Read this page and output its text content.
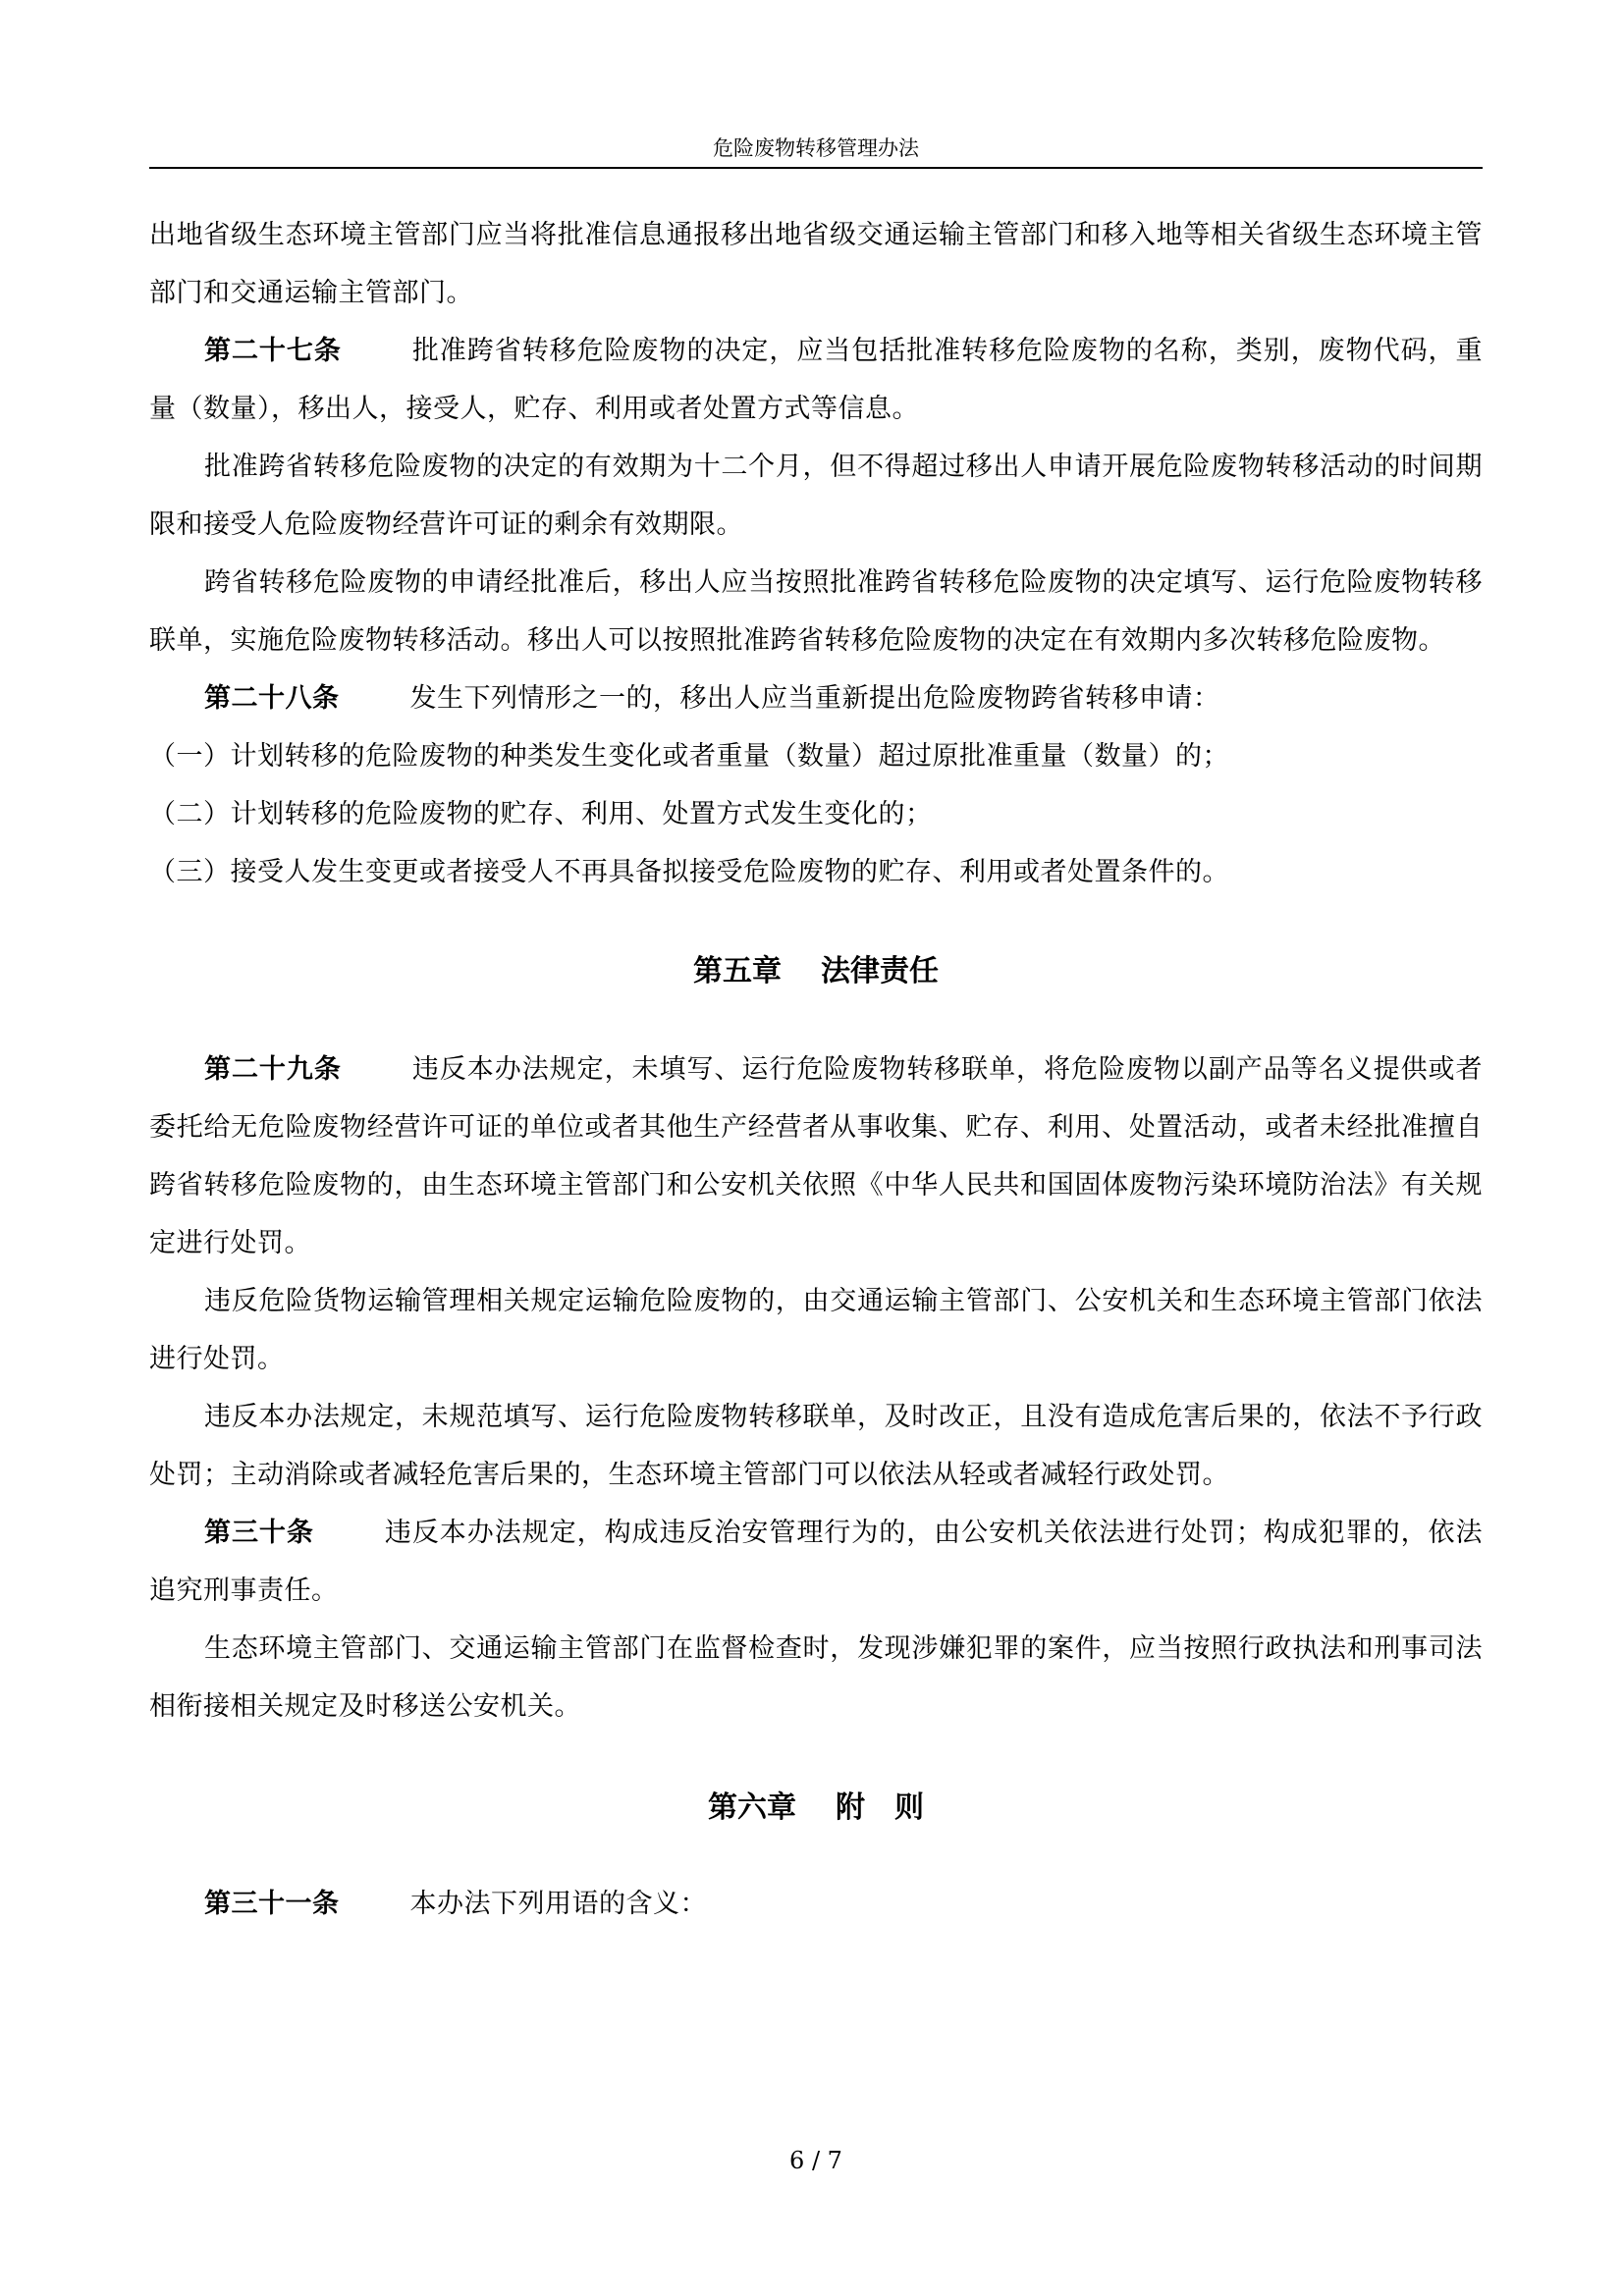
危险废物转移管理办法

出地省级生态环境主管部门应当将批准信息通报移出地省级交通运输主管部门和移入地等相关省级生态环境主管部门和交通运输主管部门。

第二十七条	批准跨省转移危险废物的决定，应当包括批准转移危险废物的名称，类别，废物代码，重量（数量），移出人，接受人，贮存、利用或者处置方式等信息。

批准跨省转移危险废物的决定的有效期为十二个月，但不得超过移出人申请开展危险废物转移活动的时间期限和接受人危险废物经营许可证的剩余有效期限。

跨省转移危险废物的申请经批准后，移出人应当按照批准跨省转移危险废物的决定填写、运行危险废物转移联单，实施危险废物转移活动。移出人可以按照批准跨省转移危险废物的决定在有效期内多次转移危险废物。

第二十八条	发生下列情形之一的，移出人应当重新提出危险废物跨省转移申请：

（一）计划转移的危险废物的种类发生变化或者重量（数量）超过原批准重量（数量）的；

（二）计划转移的危险废物的贮存、利用、处置方式发生变化的；

（三）接受人发生变更或者接受人不再具备拟接受危险废物的贮存、利用或者处置条件的。

第五章 法律责任

第二十九条	违反本办法规定，未填写、运行危险废物转移联单，将危险废物以副产品等名义提供或者委托给无危险废物经营许可证的单位或者其他生产经营者从事收集、贮存、利用、处置活动，或者未经批准擅自跨省转移危险废物的，由生态环境主管部门和公安机关依照《中华人民共和国固体废物污染环境防治法》有关规定进行处罚。

违反危险货物运输管理相关规定运输危险废物的，由交通运输主管部门、公安机关和生态环境主管部门依法进行处罚。

违反本办法规定，未规范填写、运行危险废物转移联单，及时改正，且没有造成危害后果的，依法不予行政处罚；主动消除或者减轻危害后果的，生态环境主管部门可以依法从轻或者减轻行政处罚。

第三十条	违反本办法规定，构成违反治安管理行为的，由公安机关依法进行处罚；构成犯罪的，依法追究刑事责任。

生态环境主管部门、交通运输主管部门在监督检查时，发现涉嫌犯罪的案件，应当按照行政执法和刑事司法相衔接相关规定及时移送公安机关。

第六章 附　则

第三十一条	本办法下列用语的含义：

6 / 7
